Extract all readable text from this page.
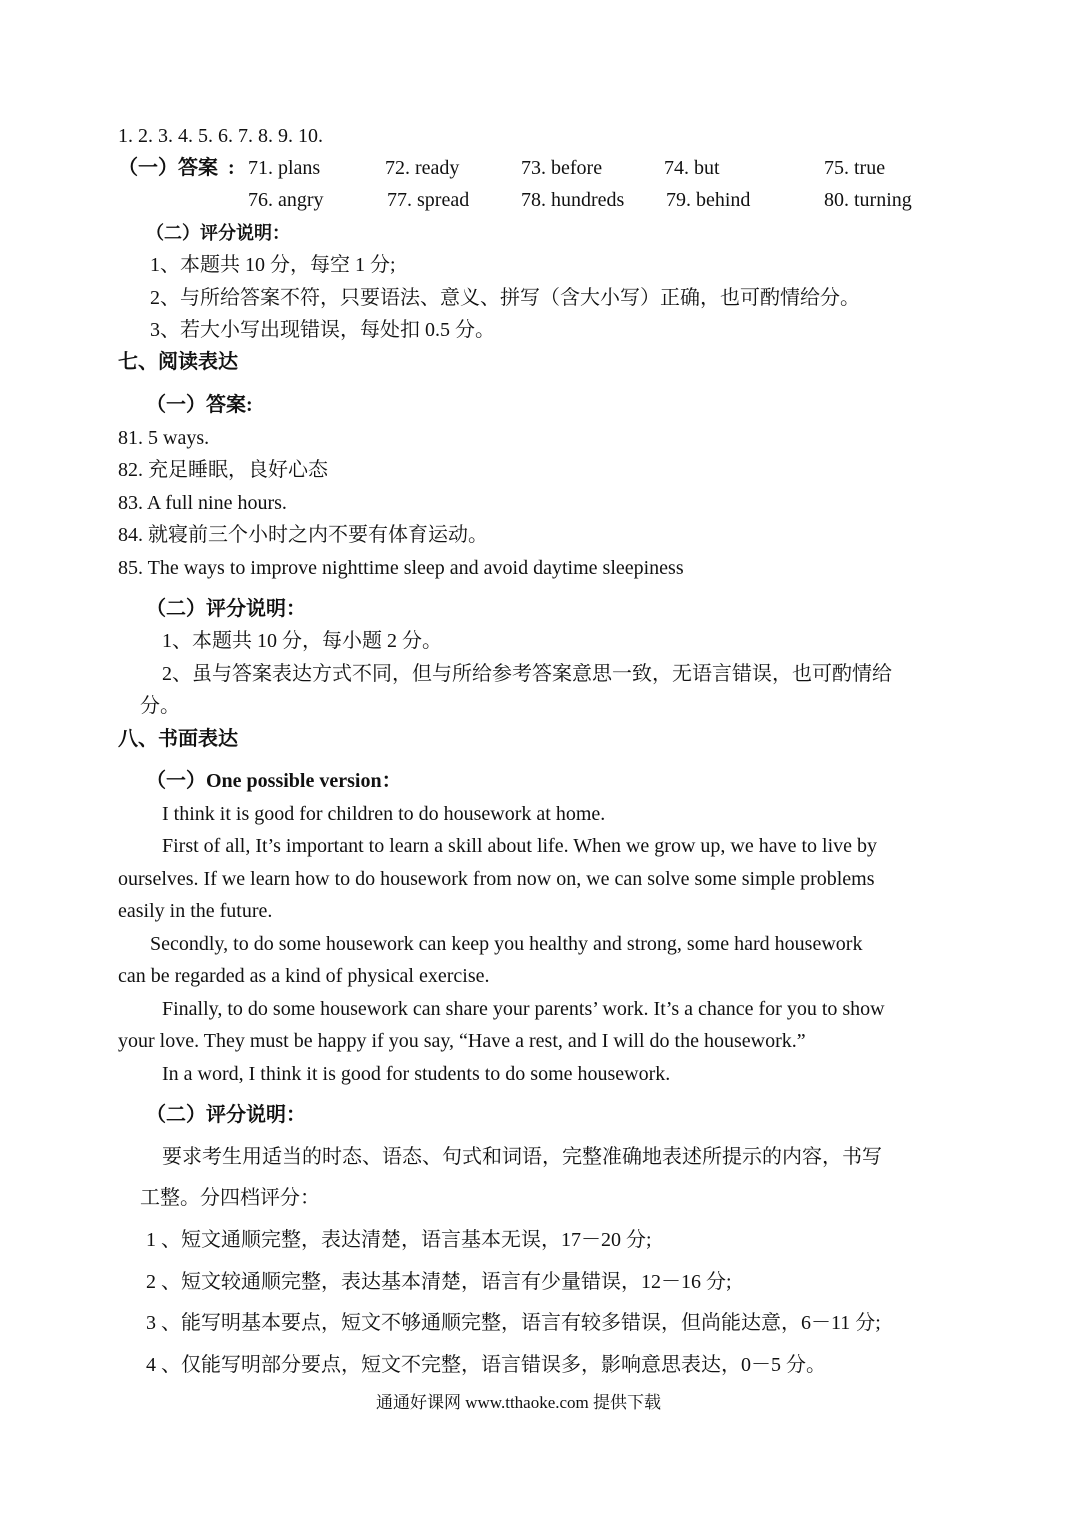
1. 2. 3. 4. 5. 6. 7. 8. 9. 10.
（一）答案 : 71. plans	72. ready	73. before	74. but	75. true
76. angry	77. spread	78. hundreds 79. behind	80. turning
（二）评分说明：
1、本题共 10 分，每空 1 分;
2、与所给答案不符，只要语法、意义、拼写（含大小写）正确，也可酌情给分。
3、若大小写出现错误，每处扣 0.5 分。
七、阅读表达
（一）答案:
81. 5 ways.
82. 充足睡眠，良好心态
83. A full nine hours.
84. 就寝前三个小时之内不要有体育运动。
85. The ways to improve nighttime sleep and avoid daytime sleepiness
（二）评分说明：
1、本题共 10 分，每小题 2 分。
2、虽与答案表达方式不同，但与所给参考答案意思一致，无语言错误，也可酌情给
分。
八、书面表达
（一）One possible version：
I think it is good for children to do housework at home.
First of all, It’s important to learn a skill about life. When we grow up, we have to live by
ourselves. If we learn how to do housework from now on, we can solve some simple problems
easily in the future.
Secondly, to do some housework can keep you healthy and strong, some hard housework
can be regarded as a kind of physical exercise.
Finally, to do some housework can share your parents’ work. It’s a chance for you to show
your love. They must be happy if you say, “Have a rest, and I will do the housework.”
In a word, I think it is good for students to do some housework.
（二）评分说明：
要求考生用适当的时态、语态、句式和词语，完整准确地表述所提示的内容，书写
工整。分四档评分：
1 、短文通顺完整，表达清楚，语言基本无误，17－20 分;
2 、短文较通顺完整，表达基本清楚，语言有少量错误，12－16 分;
3 、能写明基本要点，短文不够通顺完整，语言有较多错误，但尚能达意，6－11 分;
4 、仅能写明部分要点，短文不完整，语言错误多，影响意思表达，0－5 分。
通通好课网 www.tthaoke.com 提供下载
